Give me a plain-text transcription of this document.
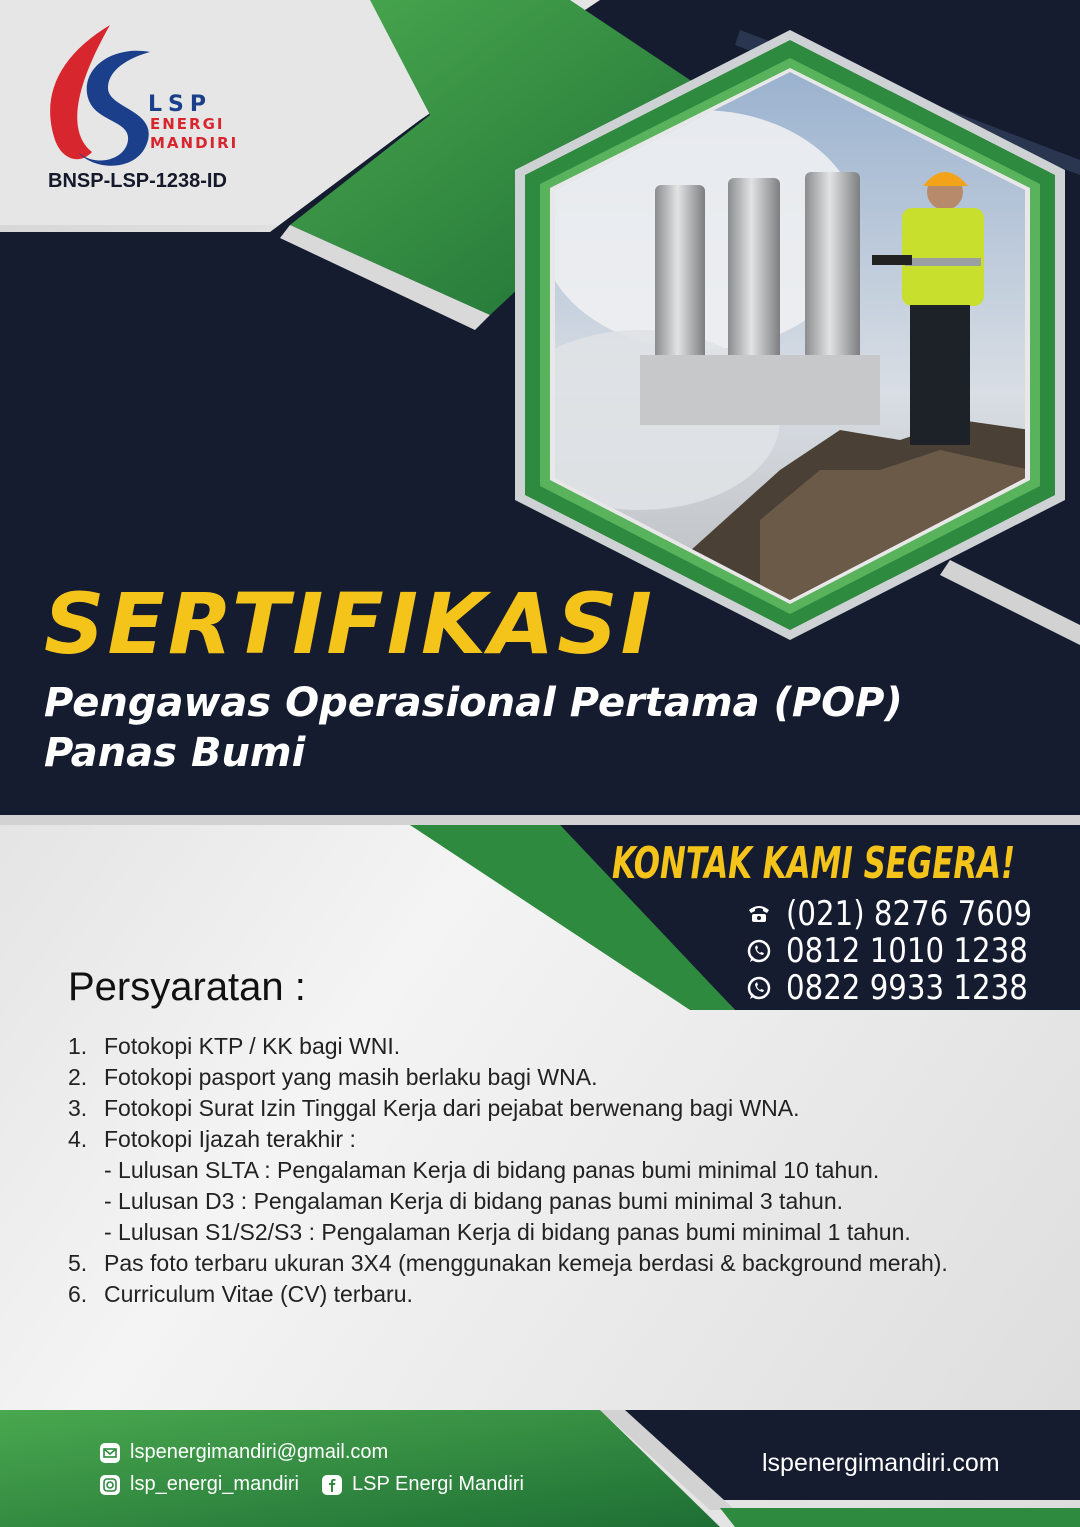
LSP
ENERGI
MANDIRI
BNSP-LSP-1238-ID
SERTIFIKASI
Pengawas Operasional Pertama (POP)
Panas Bumi
KONTAK KAMI SEGERA!
(021) 8276 7609
0812 1010 1238
0822 9933 1238
Persyaratan :
1. Fotokopi KTP / KK bagi WNI.
2. Fotokopi pasport yang masih berlaku bagi WNA.
3. Fotokopi Surat Izin Tinggal Kerja dari pejabat berwenang bagi WNA.
4. Fotokopi Ijazah terakhir :
- Lulusan SLTA : Pengalaman Kerja di bidang panas bumi minimal 10 tahun.
- Lulusan D3 : Pengalaman Kerja di bidang panas bumi minimal 3 tahun.
- Lulusan S1/S2/S3 : Pengalaman Kerja di bidang panas bumi minimal 1 tahun.
5. Pas foto terbaru ukuran 3X4 (menggunakan kemeja berdasi & background merah).
6. Curriculum Vitae (CV) terbaru.
lspenergimandiri@gmail.com
lsp_energi_mandiri	LSP Energi Mandiri
lspenergimandiri.com
